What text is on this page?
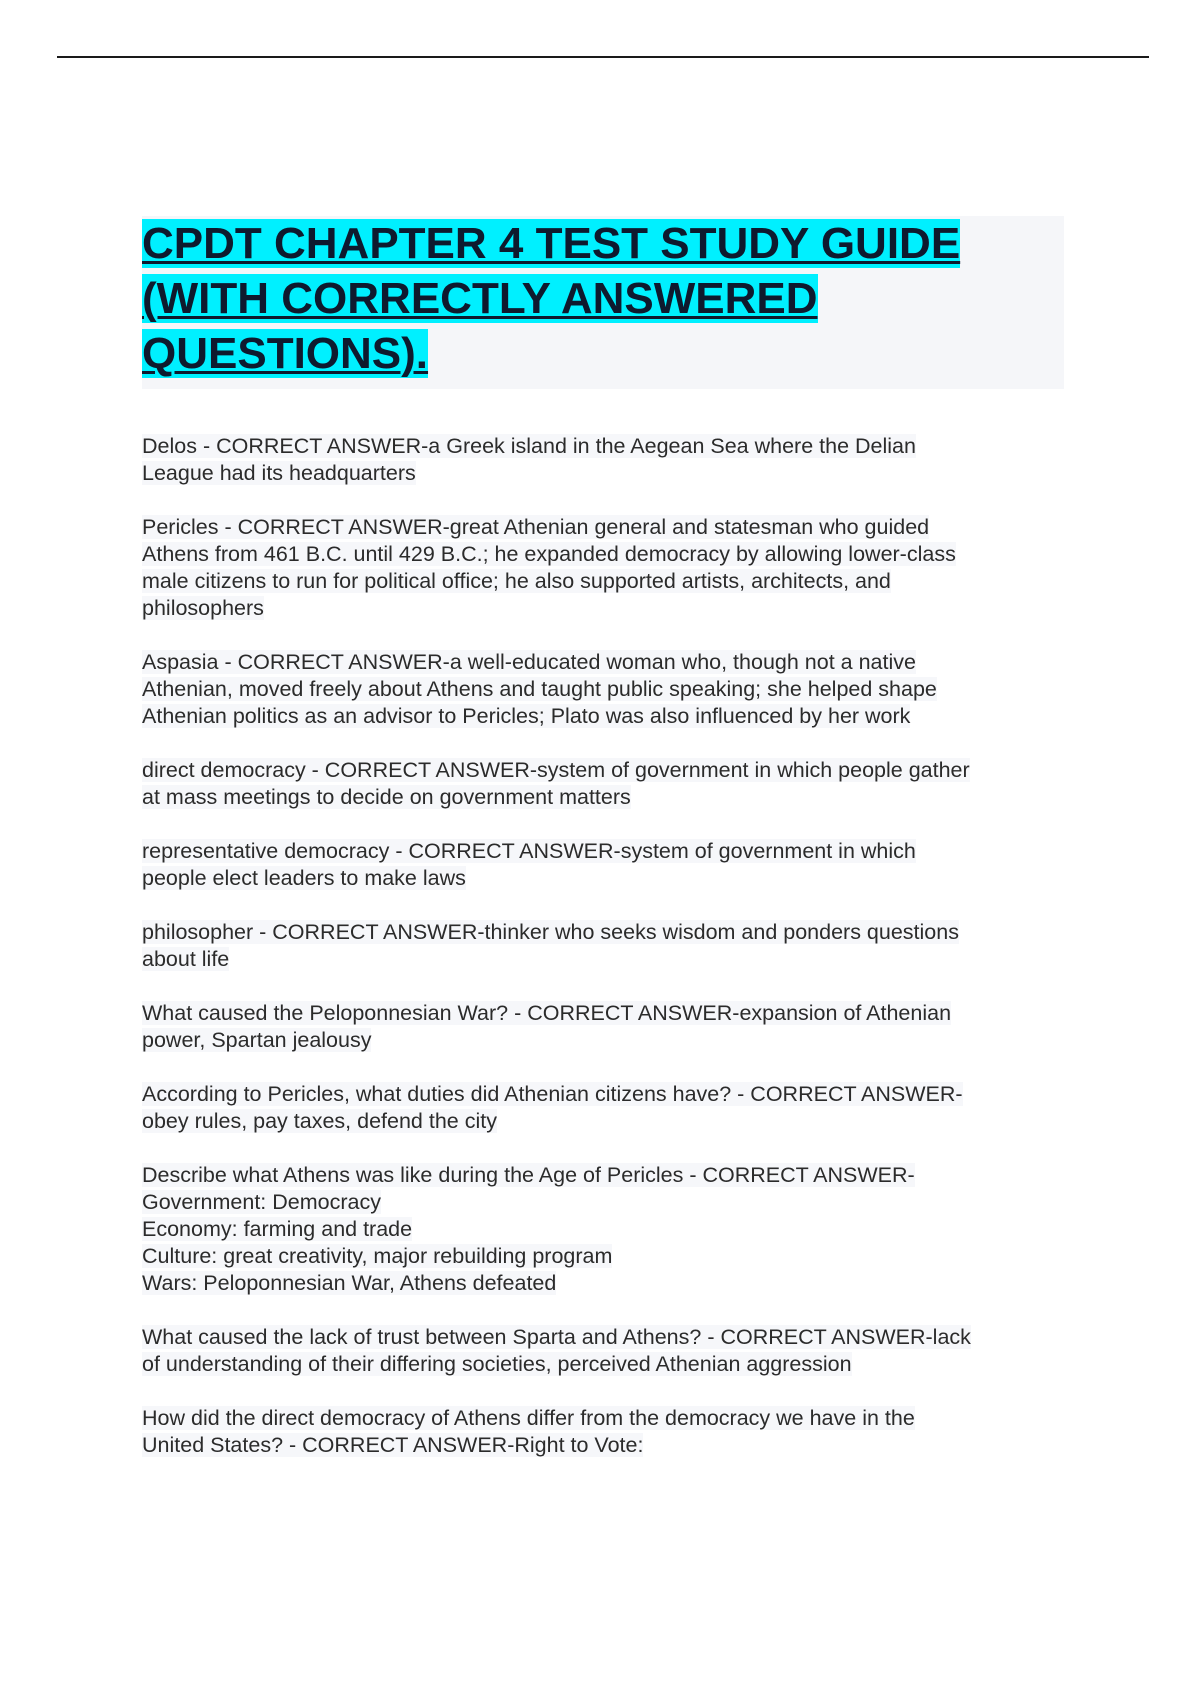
CPDT CHAPTER 4 TEST STUDY GUIDE
(WITH CORRECTLY ANSWERED
QUESTIONS).

Delos - CORRECT ANSWER-a Greek island in the Aegean Sea where the Delian
League had its headquarters

Pericles - CORRECT ANSWER-great Athenian general and statesman who guided
Athens from 461 B.C. until 429 B.C.; he expanded democracy by allowing lower-class
male citizens to run for political office; he also supported artists, architects, and
philosophers

Aspasia - CORRECT ANSWER-a well-educated woman who, though not a native
Athenian, moved freely about Athens and taught public speaking; she helped shape
Athenian politics as an advisor to Pericles; Plato was also influenced by her work

direct democracy - CORRECT ANSWER-system of government in which people gather
at mass meetings to decide on government matters

representative democracy - CORRECT ANSWER-system of government in which
people elect leaders to make laws

philosopher - CORRECT ANSWER-thinker who seeks wisdom and ponders questions
about life

What caused the Peloponnesian War? - CORRECT ANSWER-expansion of Athenian
power, Spartan jealousy

According to Pericles, what duties did Athenian citizens have? - CORRECT ANSWER-
obey rules, pay taxes, defend the city

Describe what Athens was like during the Age of Pericles - CORRECT ANSWER-
Government: Democracy
Economy: farming and trade
Culture: great creativity, major rebuilding program
Wars: Peloponnesian War, Athens defeated

What caused the lack of trust between Sparta and Athens? - CORRECT ANSWER-lack
of understanding of their differing societies, perceived Athenian aggression

How did the direct democracy of Athens differ from the democracy we have in the
United States? - CORRECT ANSWER-Right to Vote:
